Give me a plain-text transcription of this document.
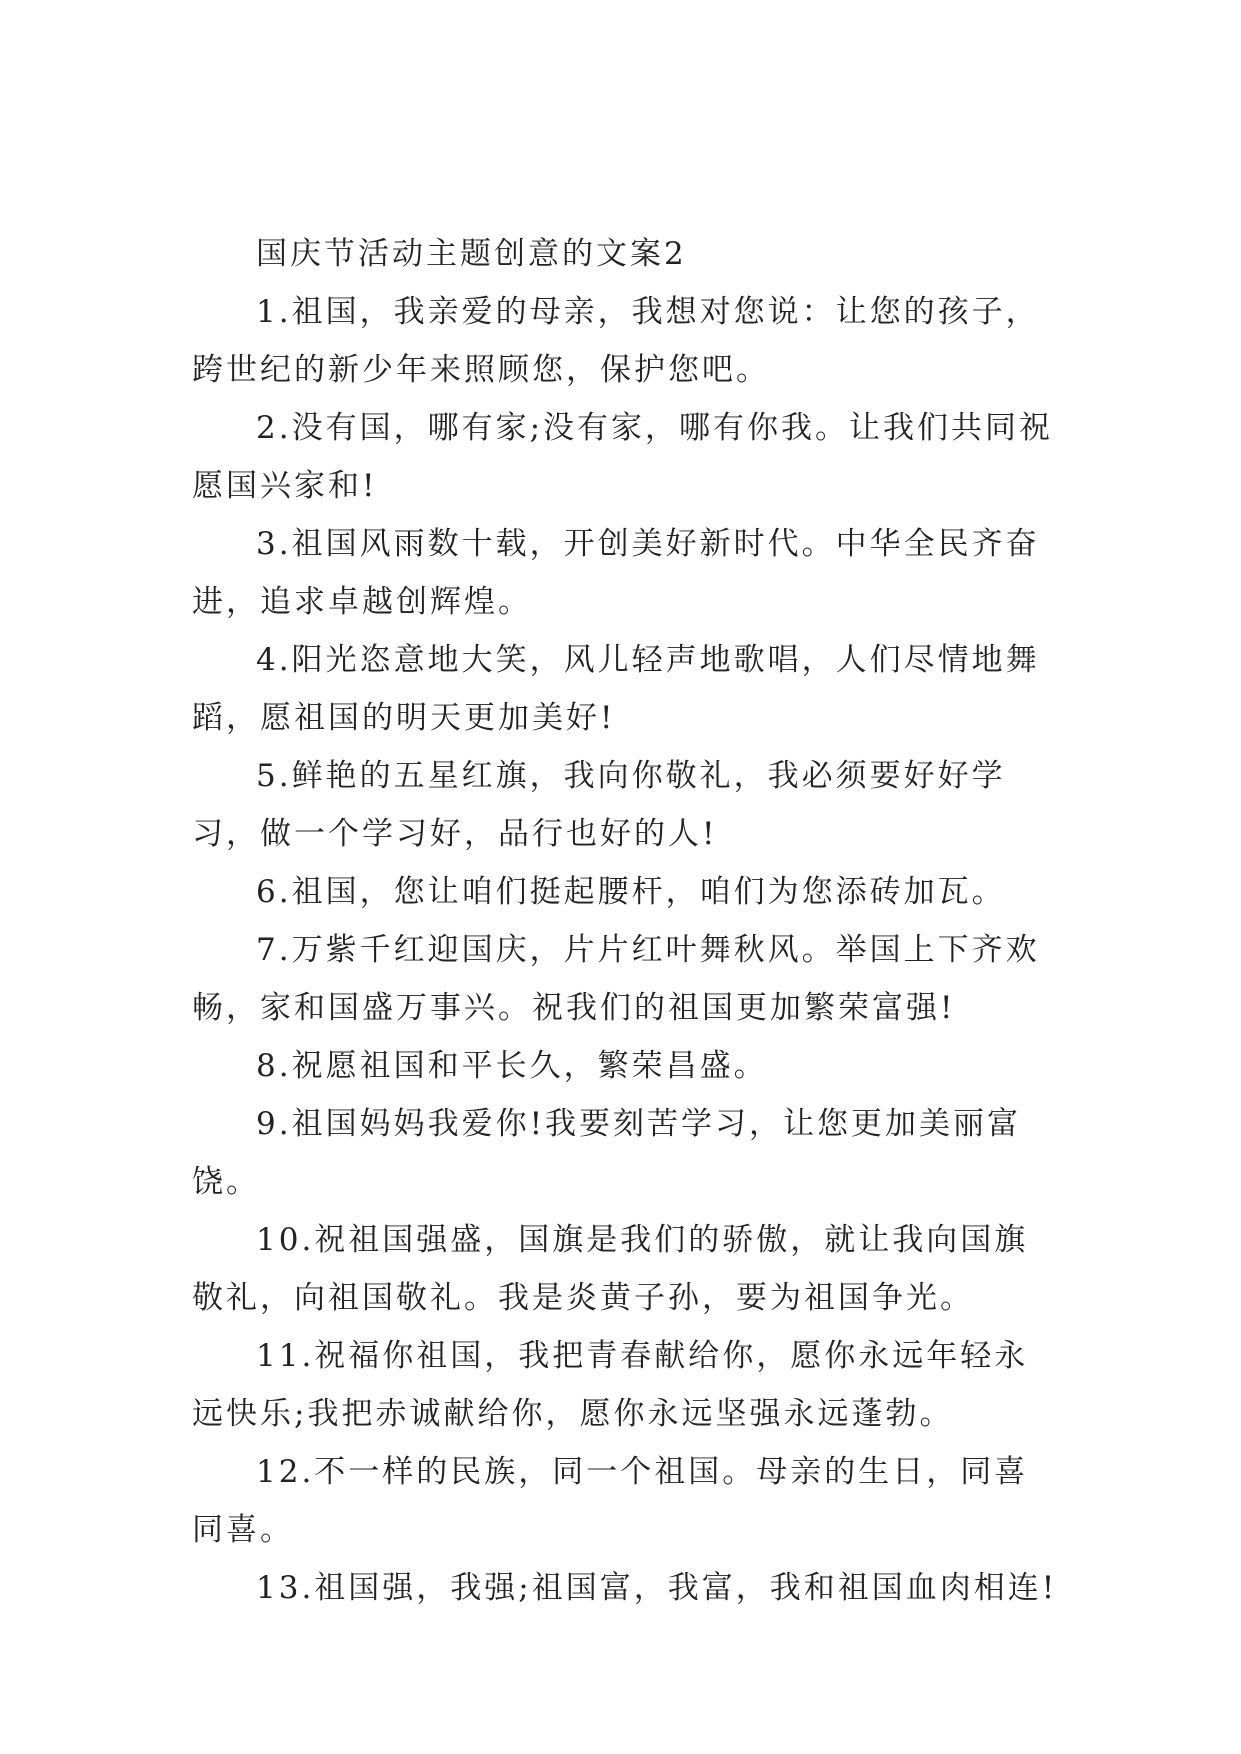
国庆节活动主题创意的文案2

1.祖国，我亲爱的母亲，我想对您说：让您的孩子，跨世纪的新少年来照顾您，保护您吧。

2.没有国，哪有家;没有家，哪有你我。让我们共同祝愿国兴家和!

3.祖国风雨数十载，开创美好新时代。中华全民齐奋进，追求卓越创辉煌。

4.阳光恣意地大笑，风儿轻声地歌唱，人们尽情地舞蹈，愿祖国的明天更加美好!

5.鲜艳的五星红旗，我向你敬礼，我必须要好好学习，做一个学习好，品行也好的人!

6.祖国，您让咱们挺起腰杆，咱们为您添砖加瓦。

7.万紫千红迎国庆，片片红叶舞秋风。举国上下齐欢畅，家和国盛万事兴。祝我们的祖国更加繁荣富强!

8.祝愿祖国和平长久，繁荣昌盛。

9.祖国妈妈我爱你!我要刻苦学习，让您更加美丽富饶。

10.祝祖国强盛，国旗是我们的骄傲，就让我向国旗敬礼，向祖国敬礼。我是炎黄子孙，要为祖国争光。

11.祝福你祖国，我把青春献给你，愿你永远年轻永远快乐;我把赤诚献给你，愿你永远坚强永远蓬勃。

12.不一样的民族，同一个祖国。母亲的生日，同喜同喜。

13.祖国强，我强;祖国富，我富，我和祖国血肉相连!
